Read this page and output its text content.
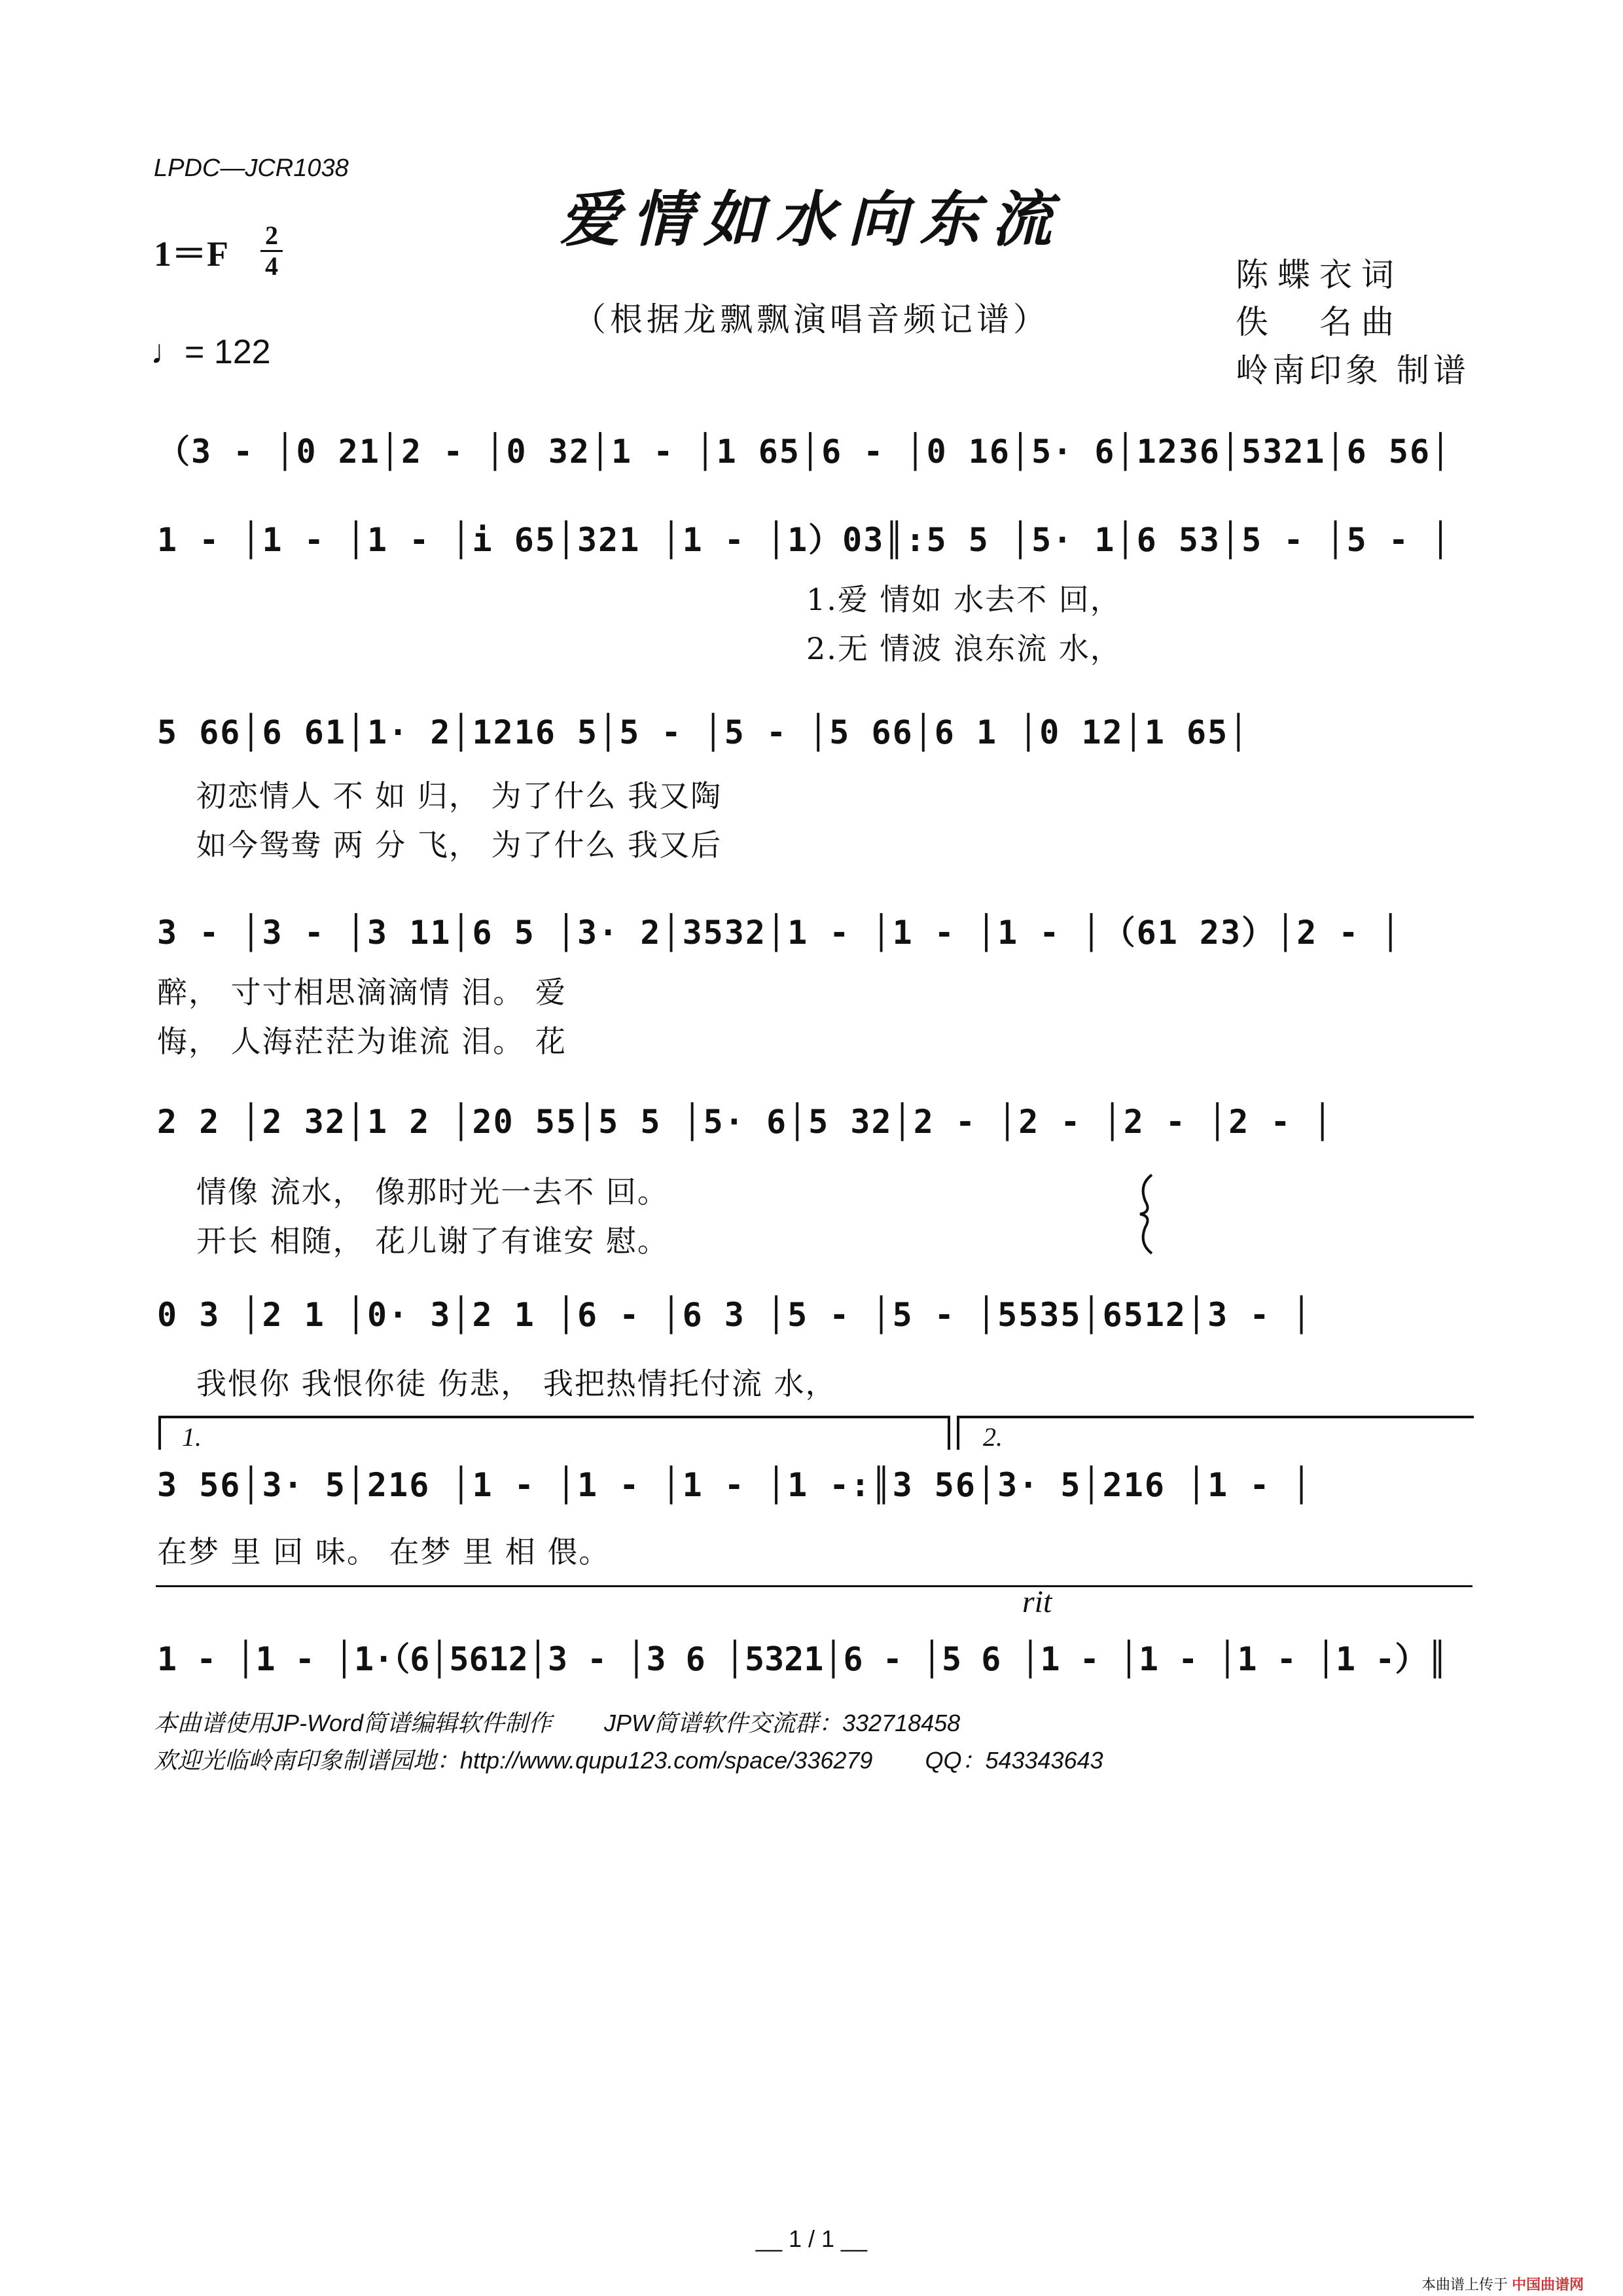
LPDC—JCR1038
爱情如水向东流
（根据龙飘飘演唱音频记谱）
1＝F 2
4
♩= 122
陈蝶衣词
佚　名曲
岭南印象 制谱
（3 - │0 21│2 - │0 32│1 - │1 65│6 - │0 16│5· 6│1236│5321│6 56│
1 - │1 - │1 - │i 65│321 │1 - │1）03║:5 5 │5· 1│6 53│5 - │5 - │
1.爱 情如 水去不 回，
2.无 情波 浪东流 水，
5 66│6 61│1· 2│1216 5│5 - │5 - │5 66│6 1 │0 12│1 65│
初恋情人 不 如 归， 为了什么 我又陶
如今鸳鸯 两 分 飞， 为了什么 我又后
3 - │3 - │3 11│6 5 │3· 2│3532│1 - │1 - │1 - │（61 23）│2 - │
醉， 寸寸相思滴滴情 泪。 爱
悔， 人海茫茫为谁流 泪。 花
2 2 │2 32│1 2 │20 55│5 5 │5· 6│5 32│2 - │2 - │2 - │2 - │
情像 流水， 像那时光一去不 回。
开长 相随， 花儿谢了有谁安 慰。
0 3 │2 1 │0· 3│2 1 │6 - │6 3 │5 - │5 - │5535│6512│3 - │
我恨你 我恨你徒 伤悲， 我把热情托付流 水，
1.	2.
3 56│3· 5│216 │1 - │1 - │1 - │1 -:║3 56│3· 5│216 │1 - │
在梦 里 回 味。 在梦 里 相 偎。
rit
1 - │1 - │1·（6│5612│3 - │3 6 │5321│6 - │5 6 │1 - │1 - │1 - │1 -）║
本曲谱使用JP-Word简谱编辑软件制作 JPW简谱软件交流群：332718458
欢迎光临岭南印象制谱园地：http://www.qupu123.com/space/336279 QQ：543343643
__ 1 / 1 __
本曲谱上传于 中国曲谱网
